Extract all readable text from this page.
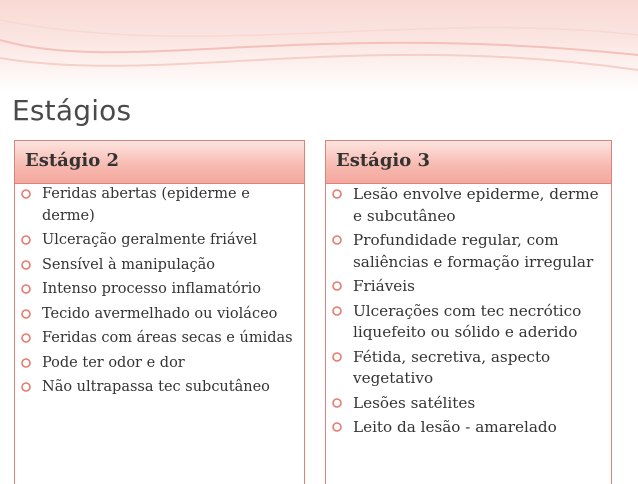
Estágios
Estágio 2
Feridas abertas (epiderme e derme)
Ulceração geralmente friável
Sensível à manipulação
Intenso processo inflamatório
Tecido avermelhado ou violáceo
Feridas com áreas secas e úmidas
Pode ter odor e dor
Não ultrapassa tec subcutâneo
Estágio 3
Lesão envolve epiderme, derme e subcutâneo
Profundidade regular, com saliências e formação irregular
Friáveis
Ulcerações com tec necrótico liquefeito ou sólido e aderido
Fétida, secretiva, aspecto vegetativo
Lesões satélites
Leito da lesão - amarelado
